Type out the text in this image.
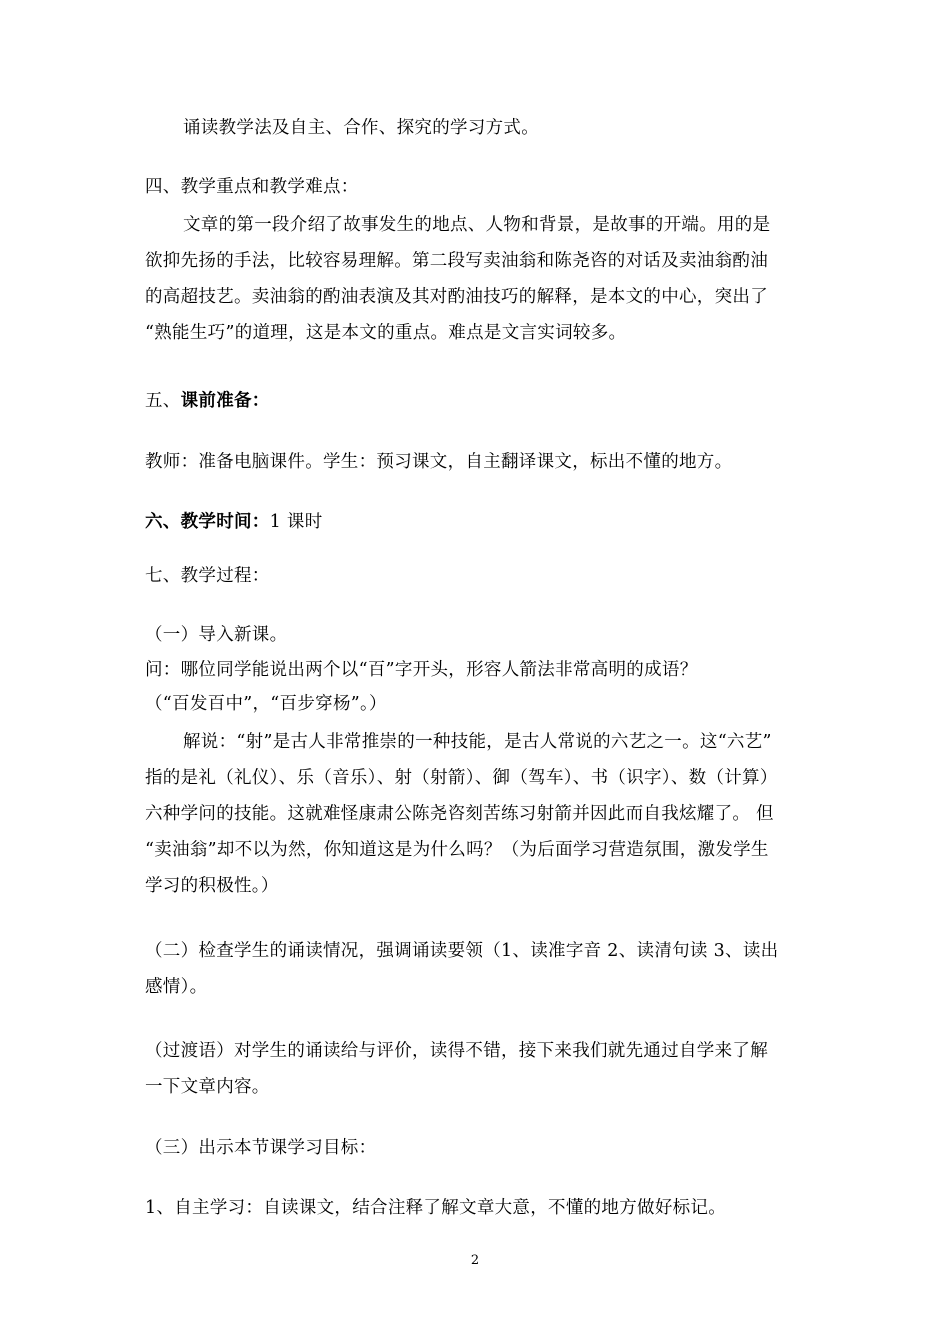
诵读教学法及自主、合作、探究的学习方式。
四、教学重点和教学难点：
文章的第一段介绍了故事发生的地点、人物和背景，是故事的开端。用的是
欲抑先扬的手法，比较容易理解。第二段写卖油翁和陈尧咨的对话及卖油翁酌油
的高超技艺。卖油翁的酌油表演及其对酌油技巧的解释，是本文的中心，突出了
“熟能生巧”的道理，这是本文的重点。难点是文言实词较多。
五、课前准备：
教师：准备电脑课件。学生：预习课文，自主翻译课文，标出不懂的地方。
六、教学时间：1 课时
七、教学过程：
（一）导入新课。
问：哪位同学能说出两个以“百”字开头，形容人箭法非常高明的成语？
（“百发百中”，“百步穿杨”。）
解说：“射”是古人非常推崇的一种技能，是古人常说的六艺之一。这“六艺”
指的是礼（礼仪）、乐（音乐）、射（射箭）、御（驾车）、书（识字）、数（计算）
六种学问的技能。这就难怪康肃公陈尧咨刻苦练习射箭并因此而自我炫耀了。 但
“卖油翁”却不以为然，你知道这是为什么吗？（为后面学习营造氛围，激发学生
学习的积极性。）
（二）检查学生的诵读情况，强调诵读要领（1、读准字音 2、读清句读 3、读出
感情）。
（过渡语）对学生的诵读给与评价，读得不错，接下来我们就先通过自学来了解
一下文章内容。
（三）出示本节课学习目标：
1、自主学习：自读课文，结合注释了解文章大意，不懂的地方做好标记。
2
